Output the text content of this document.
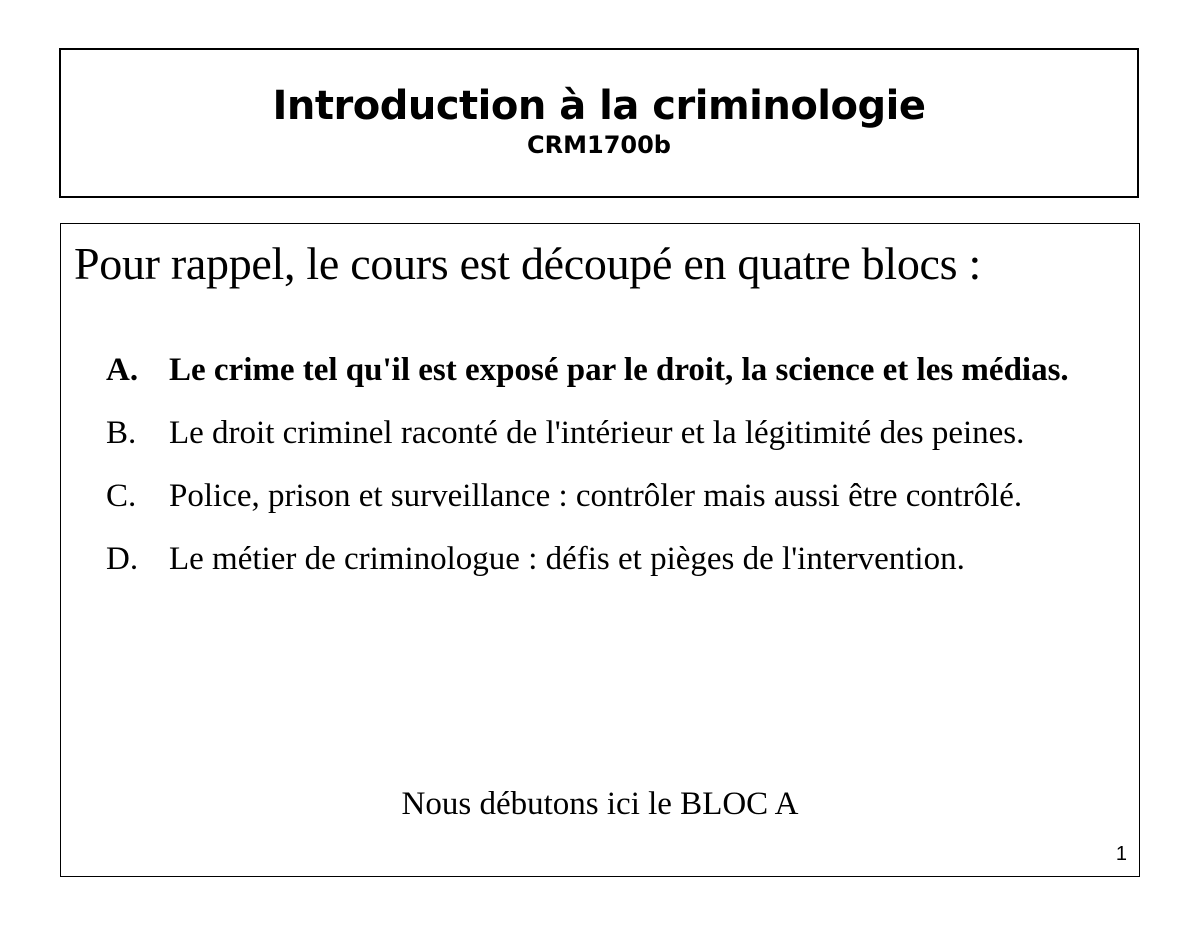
Introduction à la criminologie
CRM1700b
Pour rappel, le cours est découpé en quatre blocs :
A. Le crime tel qu'il est exposé par le droit, la science et les médias.
B. Le droit criminel raconté de l'intérieur et la légitimité des peines.
C. Police, prison et surveillance : contrôler mais aussi être contrôlé.
D. Le métier de criminologue : défis et pièges de l'intervention.
Nous débutons ici le BLOC A
1
